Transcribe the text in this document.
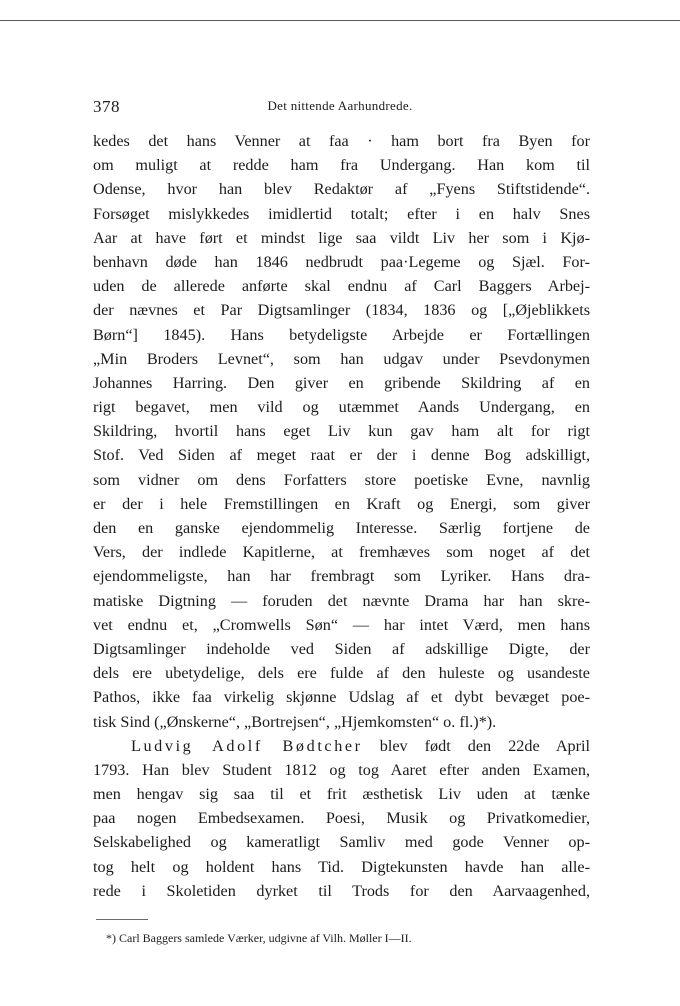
378	Det nittende Aarhundrede.
kedes det hans Venner at faa · ham bort fra Byen for
om muligt at redde ham fra Undergang. Han kom til
Odense, hvor han blev Redaktør af „Fyens Stiftstidende“.
Forsøget mislykkedes imidlertid totalt; efter i en halv Snes
Aar at have ført et mindst lige saa vildt Liv her som i Kjø-
benhavn døde han 1846 nedbrudt paa·Legeme og Sjæl. For-
uden de allerede anførte skal endnu af Carl Baggers Arbej-
der nævnes et Par Digtsamlinger (1834, 1836 og [„Øjeblikkets
Børn“] 1845). Hans betydeligste Arbejde er Fortællingen
„Min Broders Levnet“, som han udgav under Psevdonymen
Johannes Harring. Den giver en gribende Skildring af en
rigt begavet, men vild og utæmmet Aands Undergang, en
Skildring, hvortil hans eget Liv kun gav ham alt for rigt
Stof. Ved Siden af meget raat er der i denne Bog adskilligt,
som vidner om dens Forfatters store poetiske Evne, navnlig
er der i hele Fremstillingen en Kraft og Energi, som giver
den en ganske ejendommelig Interesse. Særlig fortjene de
Vers, der indlede Kapitlerne, at fremhæves som noget af det
ejendommeligste, han har frembragt som Lyriker. Hans dra-
matiske Digtning — foruden det nævnte Drama har han skre-
vet endnu et, „Cromwells Søn“ — har intet Værd, men hans
Digtsamlinger indeholde ved Siden af adskillige Digte, der
dels ere ubetydelige, dels ere fulde af den huleste og usandeste
Pathos, ikke faa virkelig skjønne Udslag af et dybt bevæget poe-
tisk Sind („Ønskerne“, „Bortrejsen“, „Hjemkomsten“ o. fl.)*).
Ludvig Adolf Bødtcher blev født den 22de April
1793. Han blev Student 1812 og tog Aaret efter anden Examen,
men hengav sig saa til et frit æsthetisk Liv uden at tænke
paa nogen Embedsexamen. Poesi, Musik og Privatkomedier,
Selskabelighed og kameratligt Samliv med gode Venner op-
tog helt og holdent hans Tid. Digtekunsten havde han alle-
rede i Skoletiden dyrket til Trods for den Aarvaagenhed,
*) Carl Baggers samlede Værker, udgivne af Vilh. Møller I—II.
